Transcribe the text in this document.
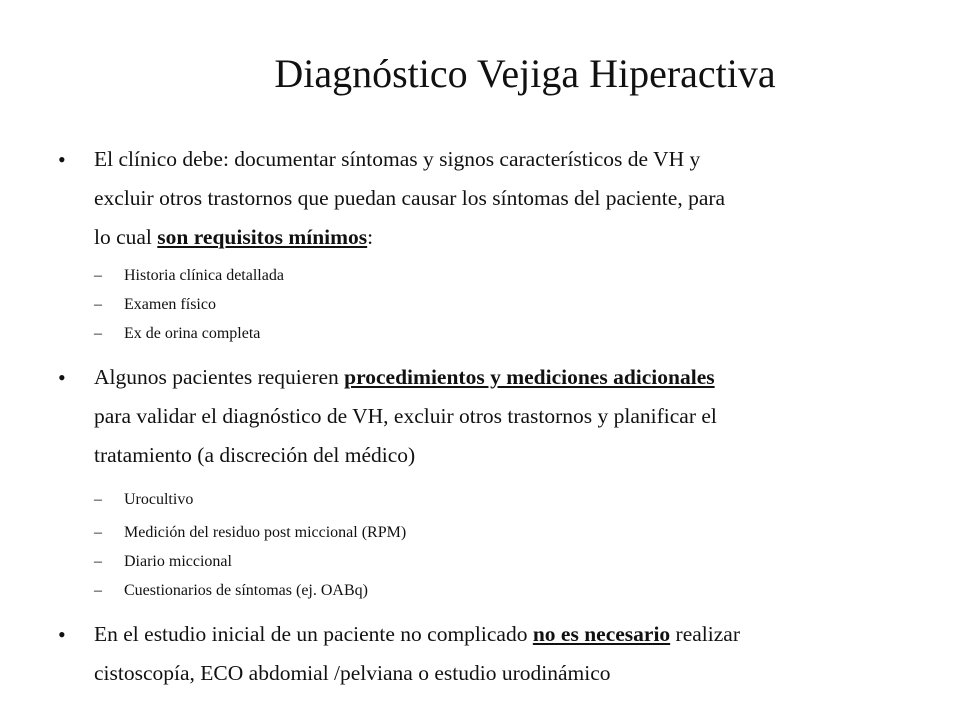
Diagnóstico Vejiga Hiperactiva
• El clínico debe: documentar síntomas y signos característicos de VH y
excluir otros trastornos que puedan causar los síntomas del paciente, para
lo cual son requisitos mínimos:
– Historia clínica detallada
– Examen físico
– Ex de orina completa
• Algunos pacientes requieren procedimientos y mediciones adicionales
para validar el diagnóstico de VH, excluir otros trastornos y planificar el
tratamiento (a discreción del médico)
– Urocultivo
– Medición del residuo post miccional (RPM)
– Diario miccional
– Cuestionarios de síntomas (ej. OABq)
• En el estudio inicial de un paciente no complicado no es necesario realizar
cistoscopía, ECO abdomial /pelviana o estudio urodinámico
